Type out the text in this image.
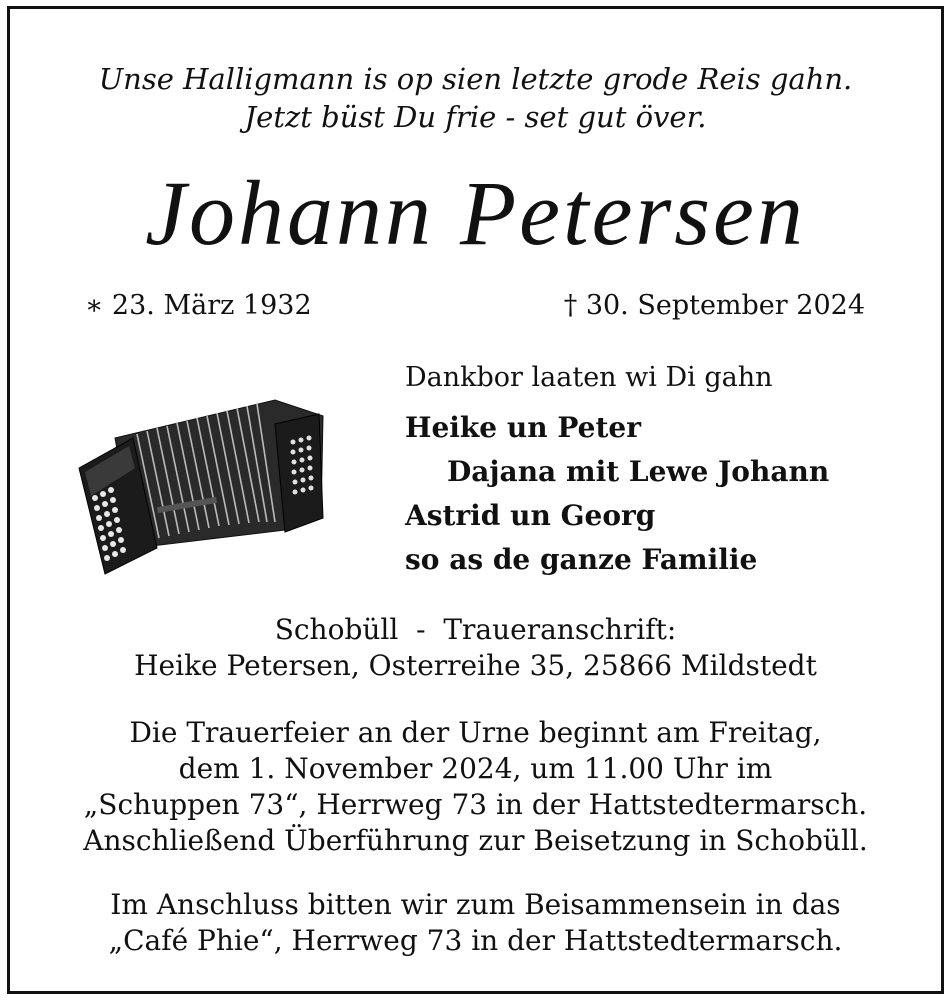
Unse Halligmann is op sien letzte grode Reis gahn.
Jetzt büst Du frie - set gut över.
Johann Petersen
∗ 23. März 1932	† 30. September 2024
Dankbor laaten wi Di gahn
Heike un Peter
Dajana mit Lewe Johann
Astrid un Georg
so as de ganze Familie
Schobüll  -  Traueranschrift:
Heike Petersen, Osterreihe 35, 25866 Mildstedt
Die Trauerfeier an der Urne beginnt am Freitag,
dem 1. November 2024, um 11.00 Uhr im
„Schuppen 73“, Herrweg 73 in der Hattstedtermarsch.
Anschließend Überführung zur Beisetzung in Schobüll.
Im Anschluss bitten wir zum Beisammensein in das
„Café Phie“, Herrweg 73 in der Hattstedtermarsch.
